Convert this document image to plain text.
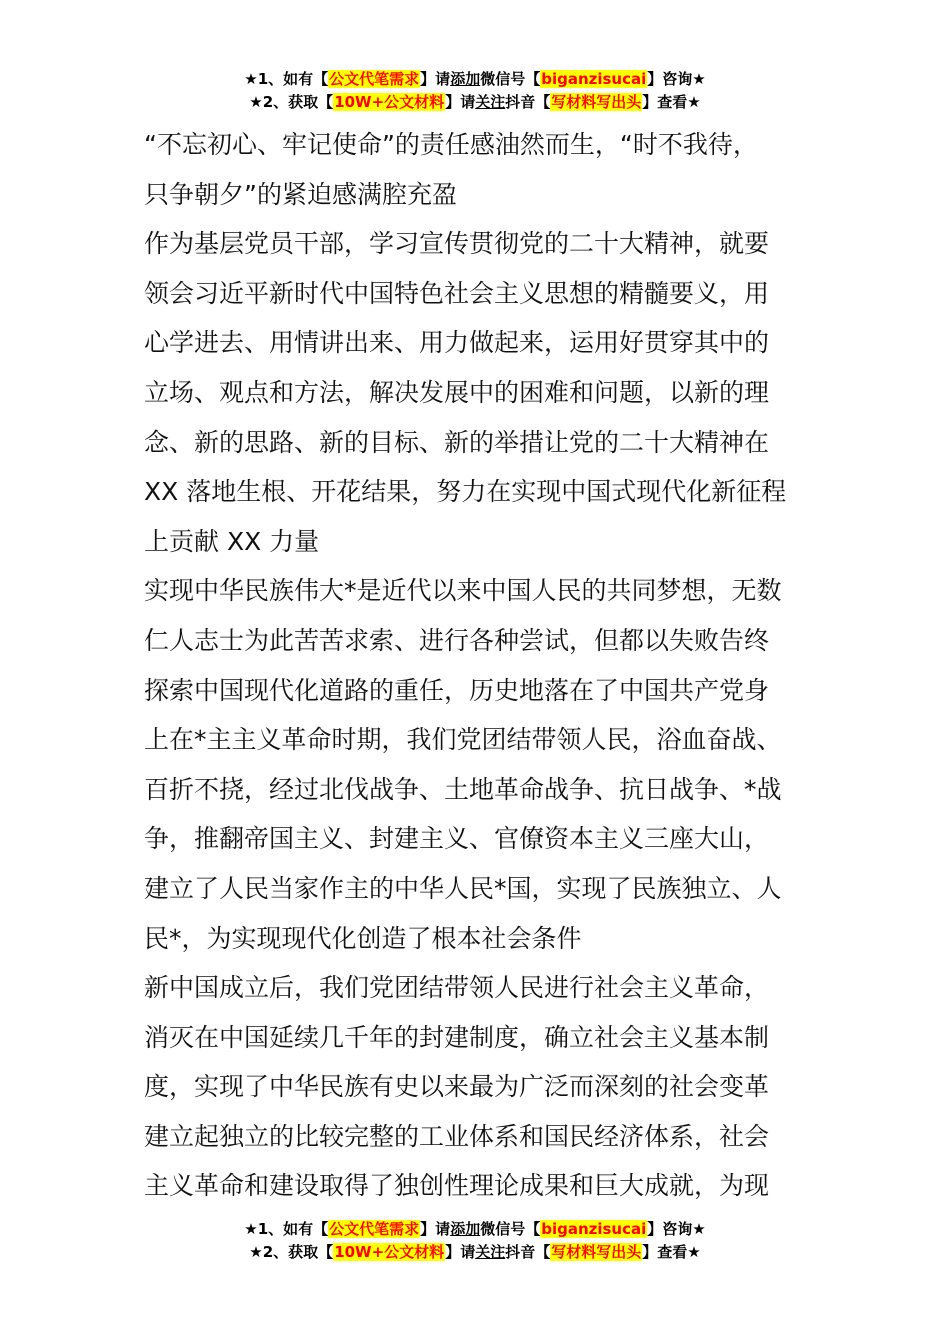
★1、如有【公文代笔需求】请添加微信号【biganzisucai】咨询★
★2、获取【10W+公文材料】请关注抖音【写材料写出头】查看★
“不忘初心、牢记使命”的责任感油然而生，“时不我待，
只争朝夕”的紧迫感满腔充盈
作为基层党员干部，学习宣传贯彻党的二十大精神，就要
领会习近平新时代中国特色社会主义思想的精髓要义，用
心学进去、用情讲出来、用力做起来，运用好贯穿其中的
立场、观点和方法，解决发展中的困难和问题，以新的理
念、新的思路、新的目标、新的举措让党的二十大精神在
XX 落地生根、开花结果，努力在实现中国式现代化新征程
上贡献 XX 力量
实现中华民族伟大*是近代以来中国人民的共同梦想，无数
仁人志士为此苦苦求索、进行各种尝试，但都以失败告终
探索中国现代化道路的重任，历史地落在了中国共产党身
上在*主主义革命时期，我们党团结带领人民，浴血奋战、
百折不挠，经过北伐战争、土地革命战争、抗日战争、*战
争，推翻帝国主义、封建主义、官僚资本主义三座大山，
建立了人民当家作主的中华人民*国，实现了民族独立、人
民*，为实现现代化创造了根本社会条件
新中国成立后，我们党团结带领人民进行社会主义革命，
消灭在中国延续几千年的封建制度，确立社会主义基本制
度，实现了中华民族有史以来最为广泛而深刻的社会变革
建立起独立的比较完整的工业体系和国民经济体系，社会
主义革命和建设取得了独创性理论成果和巨大成就，为现
★1、如有【公文代笔需求】请添加微信号【biganzisucai】咨询★
★2、获取【10W+公文材料】请关注抖音【写材料写出头】查看★
